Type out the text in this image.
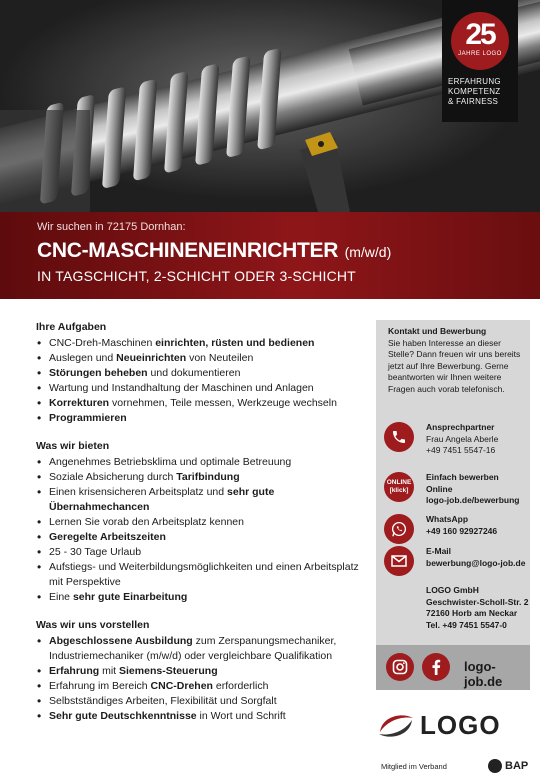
25
JAHRE LOGO
ERFAHRUNG
KOMPETENZ
& FAIRNESS
Wir suchen in 72175 Dornhan:
CNC-MASCHINENEINRICHTER (m/w/d)
IN TAGSCHICHT, 2-SCHICHT ODER 3-SCHICHT
Ihre Aufgaben
• CNC-Dreh-Maschinen einrichten, rüsten und bedienen
• Auslegen und Neueinrichten von Neuteilen
• Störungen beheben und dokumentieren
• Wartung und Instandhaltung der Maschinen und Anlagen
• Korrekturen vornehmen, Teile messen, Werkzeuge wechseln
• Programmieren
Was wir bieten
• Angenehmes Betriebsklima und optimale Betreuung
• Soziale Absicherung durch Tarifbindung
• Einen krisensicheren Arbeitsplatz und sehr gute Übernahmechancen
• Lernen Sie vorab den Arbeitsplatz kennen
• Geregelte Arbeitszeiten
• 25 - 30 Tage Urlaub
• Aufstiegs- und Weiterbildungsmöglichkeiten und einen Arbeitsplatz mit Perspektive
• Eine sehr gute Einarbeitung
Was wir uns vorstellen
• Abgeschlossene Ausbildung zum Zerspanungsmechaniker, Industriemechaniker (m/w/d) oder vergleichbare Qualifikation
• Erfahrung mit Siemens-Steuerung
• Erfahrung im Bereich CNC-Drehen erforderlich
• Selbstständiges Arbeiten, Flexibilität und Sorgfalt
• Sehr gute Deutschkenntnisse in Wort und Schrift
Kontakt und Bewerbung
Sie haben Interesse an dieser Stelle? Dann freuen wir uns bereits jetzt auf Ihre Bewerbung. Gerne beantworten wir Ihnen weitere Fragen auch vorab telefonisch.
Ansprechpartner
Frau Angela Aberle
+49 7451 5547-16
ONLINE
[klick]
Einfach bewerben
Online
logo-job.de/bewerbung
WhatsApp
+49 160 92927246
E-Mail
bewerbung@logo-job.de
LOGO GmbH
Geschwister-Scholl-Str. 2
72160 Horb am Neckar
Tel. +49 7451 5547-0
logo-job.de
LOGO
Mitglied im Verband	BAP
